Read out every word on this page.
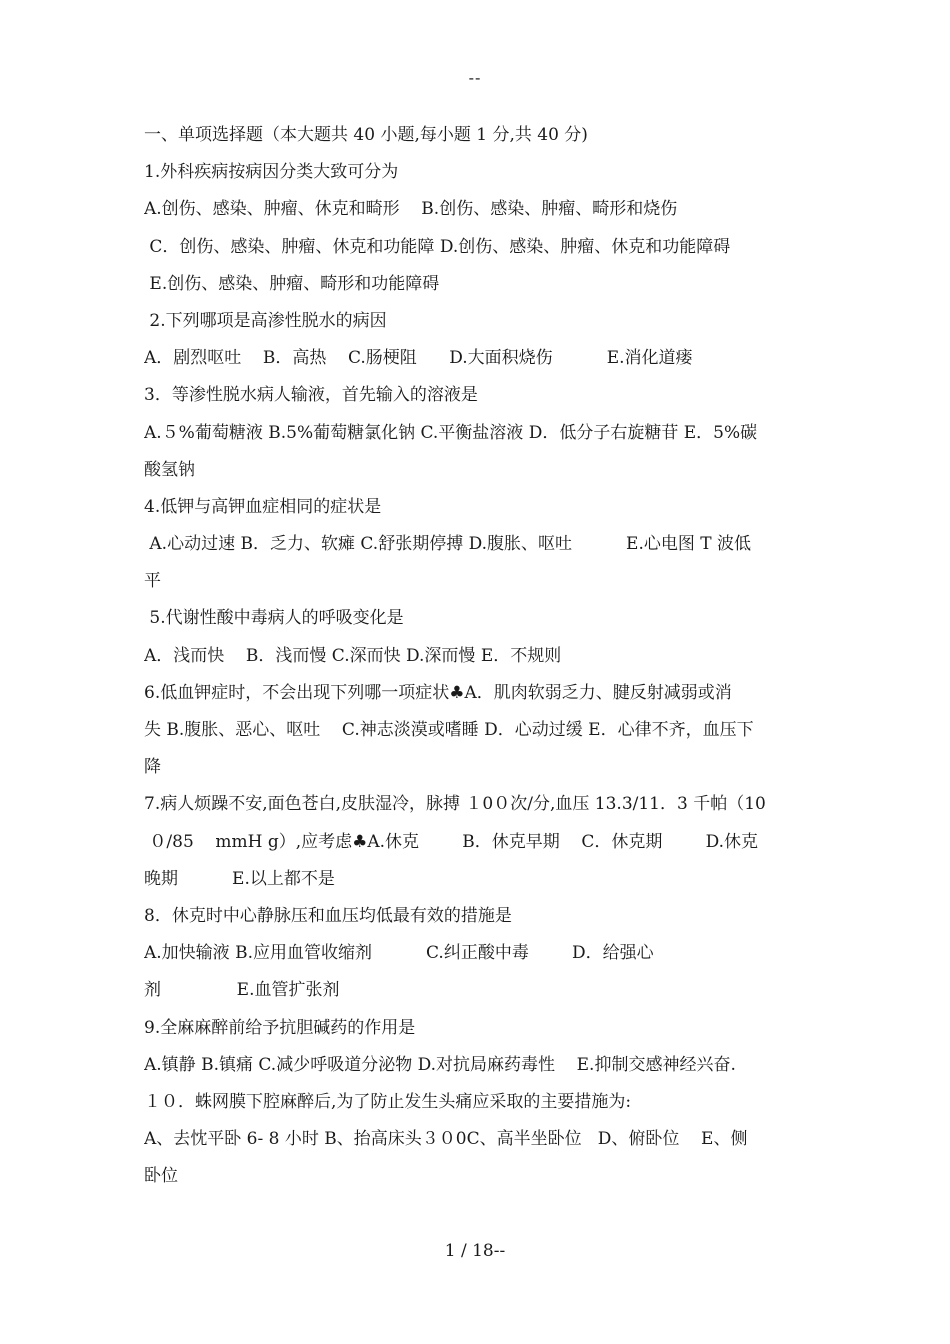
--
一、单项选择题（本大题共 40 小题,每小题 1 分,共 40 分)
1.外科疾病按病因分类大致可分为
A.创伤、感染、肿瘤、休克和畸形    B.创伤、感染、肿瘤、畸形和烧伤
C．创伤、感染、肿瘤、休克和功能障 D.创伤、感染、肿瘤、休克和功能障碍
E.创伤、感染、肿瘤、畸形和功能障碍
2.下列哪项是高渗性脱水的病因
A．剧烈呕吐    B．高热    C.肠梗阻      D.大面积烧伤          E.消化道瘘
3．等渗性脱水病人输液，首先输入的溶液是
A.５%葡萄糖液 B.5%葡萄糖氯化钠 C.平衡盐溶液 D．低分子右旋糖苷 E．5%碳
酸氢钠
4.低钾与高钾血症相同的症状是
A.心动过速 B．乏力、软瘫 C.舒张期停搏 D.腹胀、呕吐          E.心电图 T 波低
平
5.代谢性酸中毒病人的呼吸变化是
A．浅而快    B．浅而慢 C.深而快 D.深而慢 E．不规则
6.低血钾症时，不会出现下列哪一项症状♣A．肌肉软弱乏力、腱反射减弱或消
失 B.腹胀、恶心、呕吐    C.神志淡漠或嗜睡 D．心动过缓 E．心律不齐，血压下
降
7.病人烦躁不安,面色苍白,皮肤湿冷，脉搏 １0０次/分,血压 13.3/11．3 千帕（10
０/85    mmH g）,应考虑♣A.休克        B．休克早期    C．休克期        D.休克
晚期          E.以上都不是
8．休克时中心静脉压和血压均低最有效的措施是
A.加快输液 B.应用血管收缩剂          C.纠正酸中毒        D．给强心
剂              E.血管扩张剂
9.全麻麻醉前给予抗胆碱药的作用是
A.镇静 B.镇痛 C.减少呼吸道分泌物 D.对抗局麻药毒性    E.抑制交感神经兴奋.
１０．蛛网膜下腔麻醉后,为了防止发生头痛应采取的主要措施为:
A、去忱平卧 6- 8 小时 B、抬高床头３０0C、高半坐卧位   D、俯卧位    E、侧
卧位
1 / 18--
